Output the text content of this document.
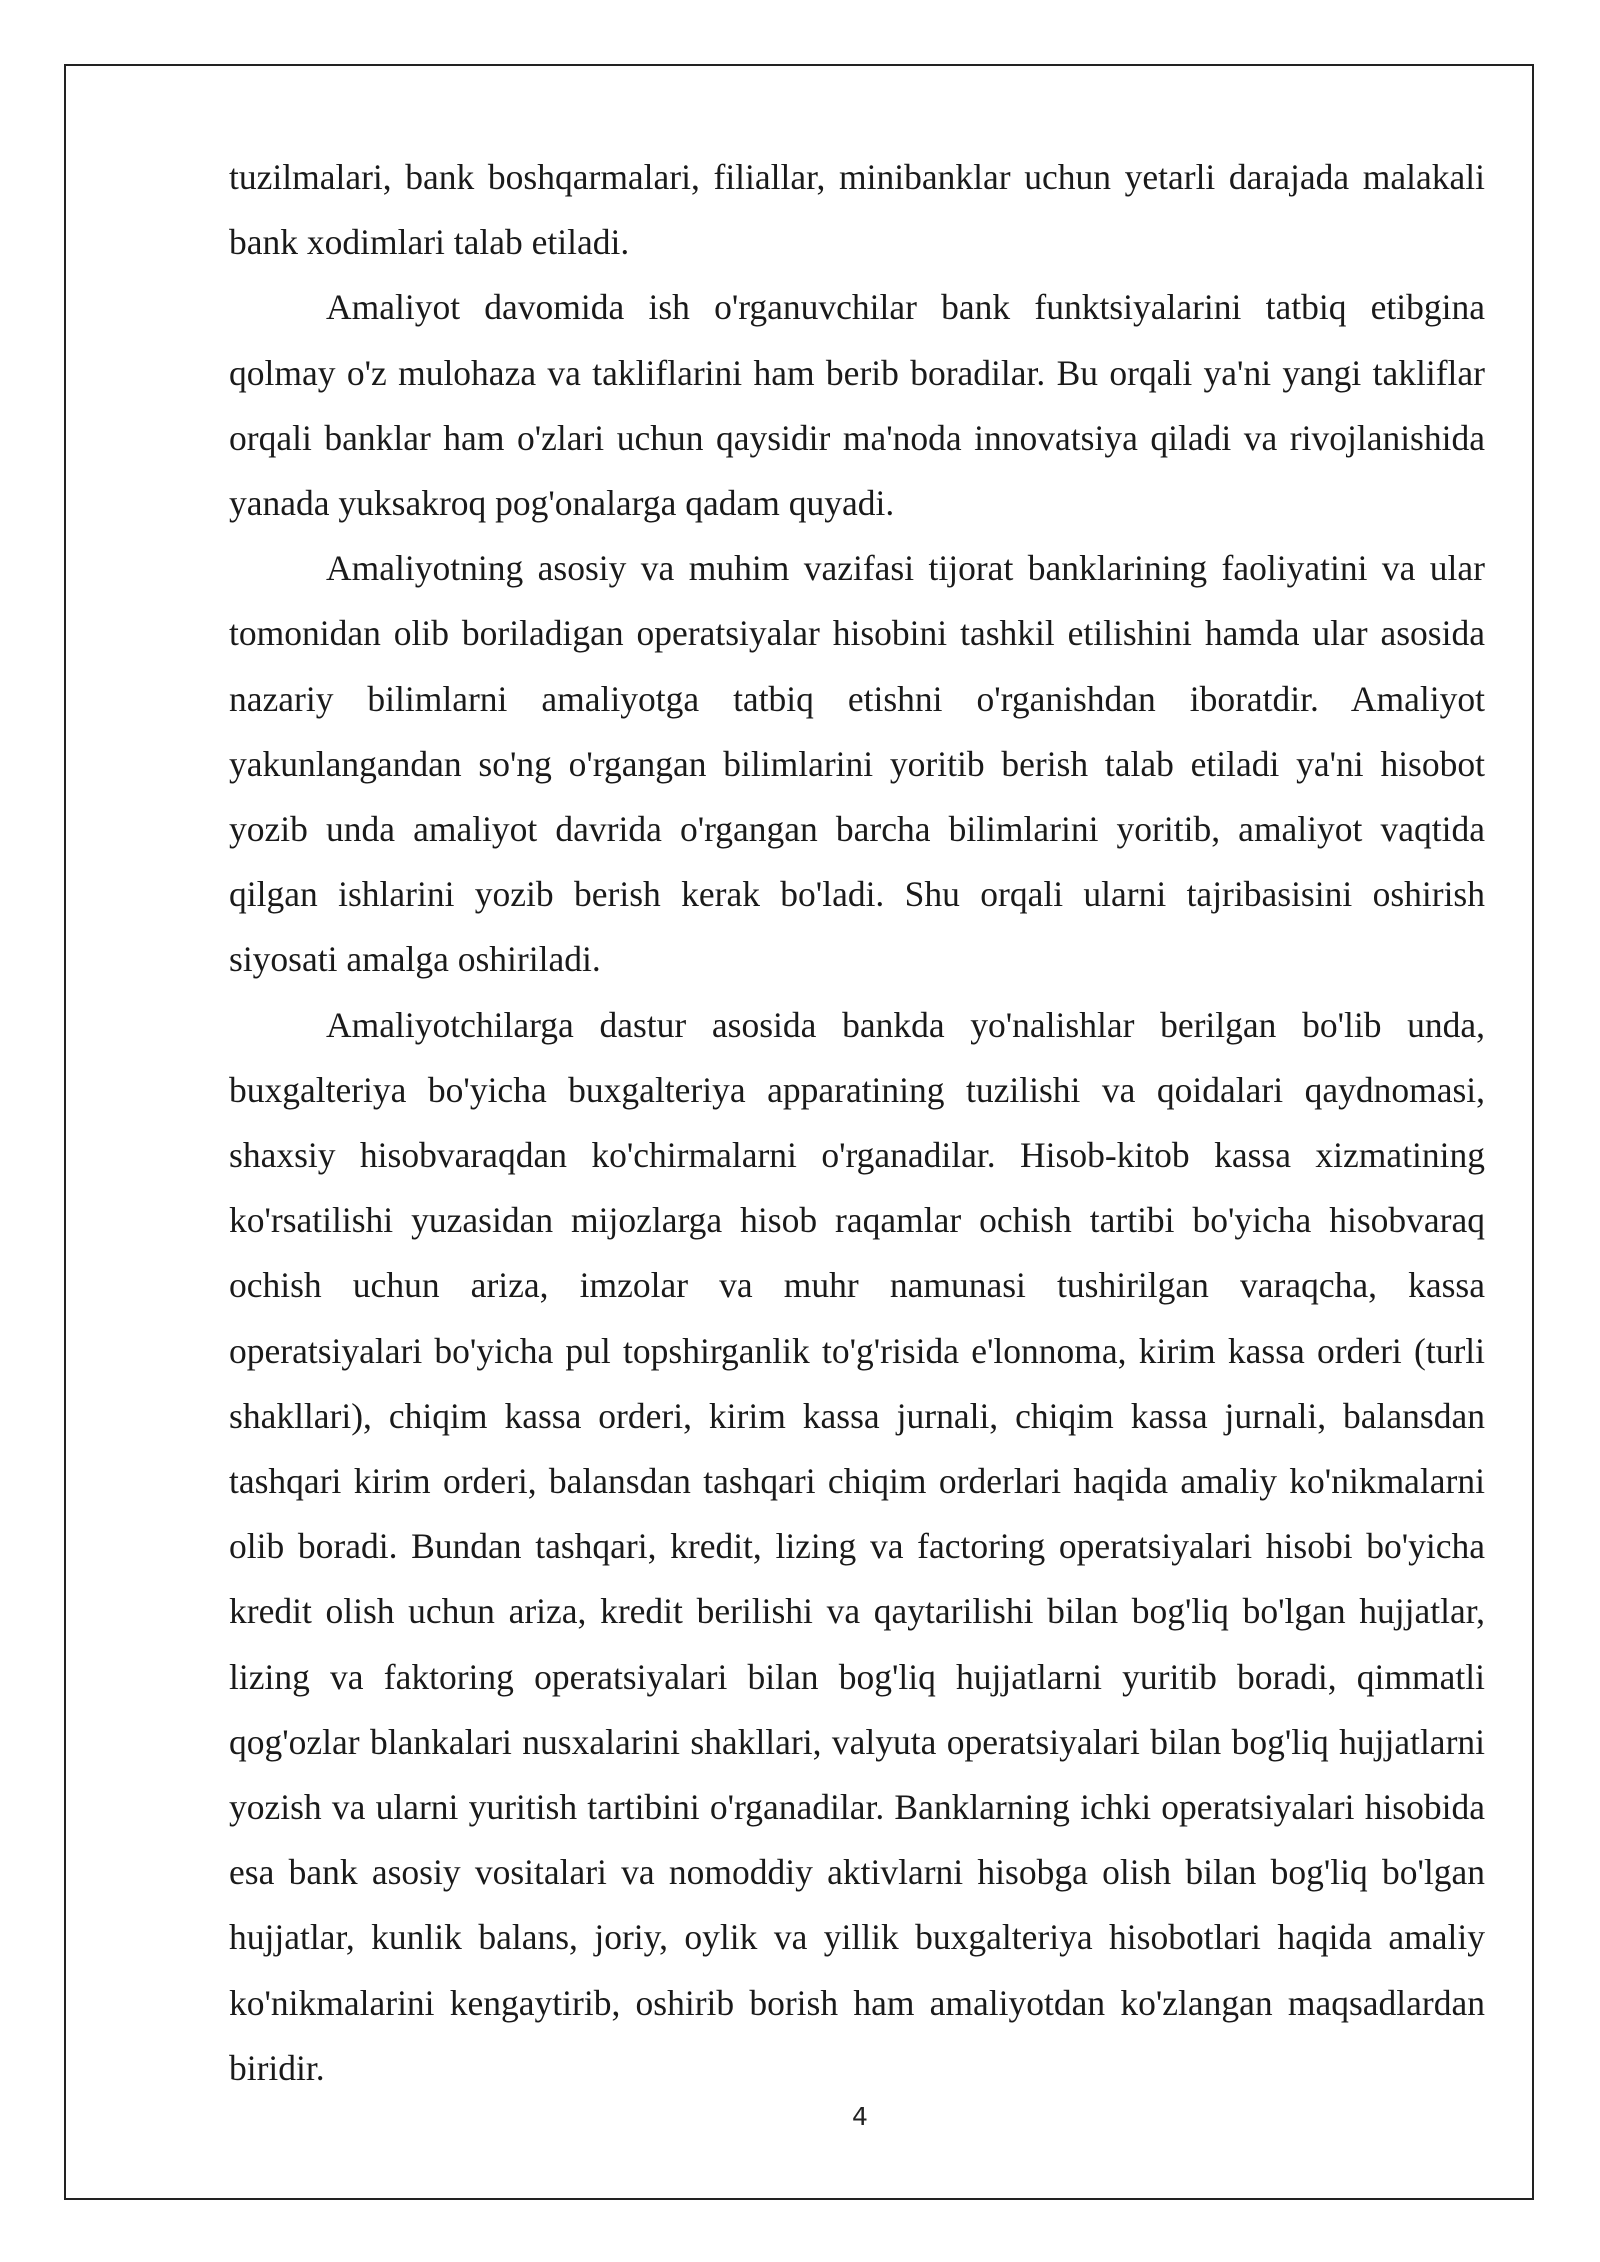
tuzilmalari, bank boshqarmalari, filiallar, minibanklar uchun yetarli darajada malakali bank xodimlari talab etiladi.

Amaliyot davomida ish o'rganuvchilar bank funktsiyalarini tatbiq etibgina qolmay o'z mulohaza va takliflarini ham berib boradilar. Bu orqali ya'ni yangi takliflar orqali banklar ham o'zlari uchun qaysidir ma'noda innovatsiya qiladi va rivojlanishida yanada yuksakroq pog'onalarga qadam quyadi.

Amaliyotning asosiy va muhim vazifasi tijorat banklarining faoliyatini va ular tomonidan olib boriladigan operatsiyalar hisobini tashkil etilishini hamda ular asosida nazariy bilimlarni amaliyotga tatbiq etishni o'rganishdan iboratdir. Amaliyot yakunlangandan so'ng o'rgangan bilimlarini yoritib berish talab etiladi ya'ni hisobot yozib unda amaliyot davrida o'rgangan barcha bilimlarini yoritib, amaliyot vaqtida qilgan ishlarini yozib berish kerak bo'ladi. Shu orqali ularni tajribasisini oshirish siyosati amalga oshiriladi.

Amaliyotchilarga dastur asosida bankda yo'nalishlar berilgan bo'lib unda, buxgalteriya bo'yicha buxgalteriya apparatining tuzilishi va qoidalari qaydnomasi, shaxsiy hisobvaraqdan ko'chirmalarni o'rganadilar. Hisob-kitob kassa xizmatining ko'rsatilishi yuzasidan mijozlarga hisob raqamlar ochish tartibi bo'yicha hisobvaraq ochish uchun ariza, imzolar va muhr namunasi tushirilgan varaqcha, kassa operatsiyalari bo'yicha pul topshirganlik to'g'risida e'lonnoma, kirim kassa orderi (turli shakllari), chiqim kassa orderi, kirim kassa jurnali, chiqim kassa jurnali, balansdan tashqari kirim orderi, balansdan tashqari chiqim orderlari haqida amaliy ko'nikmalarni olib boradi. Bundan tashqari, kredit, lizing va factoring operatsiyalari hisobi bo'yicha kredit olish uchun ariza, kredit berilishi va qaytarilishi bilan bog'liq bo'lgan hujjatlar, lizing va faktoring operatsiyalari bilan bog'liq hujjatlarni yuritib boradi, qimmatli qog'ozlar blankalari nusxalarini shakllari, valyuta operatsiyalari bilan bog'liq hujjatlarni yozish va ularni yuritish tartibini o'rganadilar. Banklarning ichki operatsiyalari hisobida esa bank asosiy vositalari va nomoddiy aktivlarni hisobga olish bilan bog'liq bo'lgan hujjatlar, kunlik balans, joriy, oylik va yillik buxgalteriya hisobotlari haqida amaliy ko'nikmalarini kengaytirib, oshirib borish ham amaliyotdan ko'zlangan maqsadlardan biridir.

4
